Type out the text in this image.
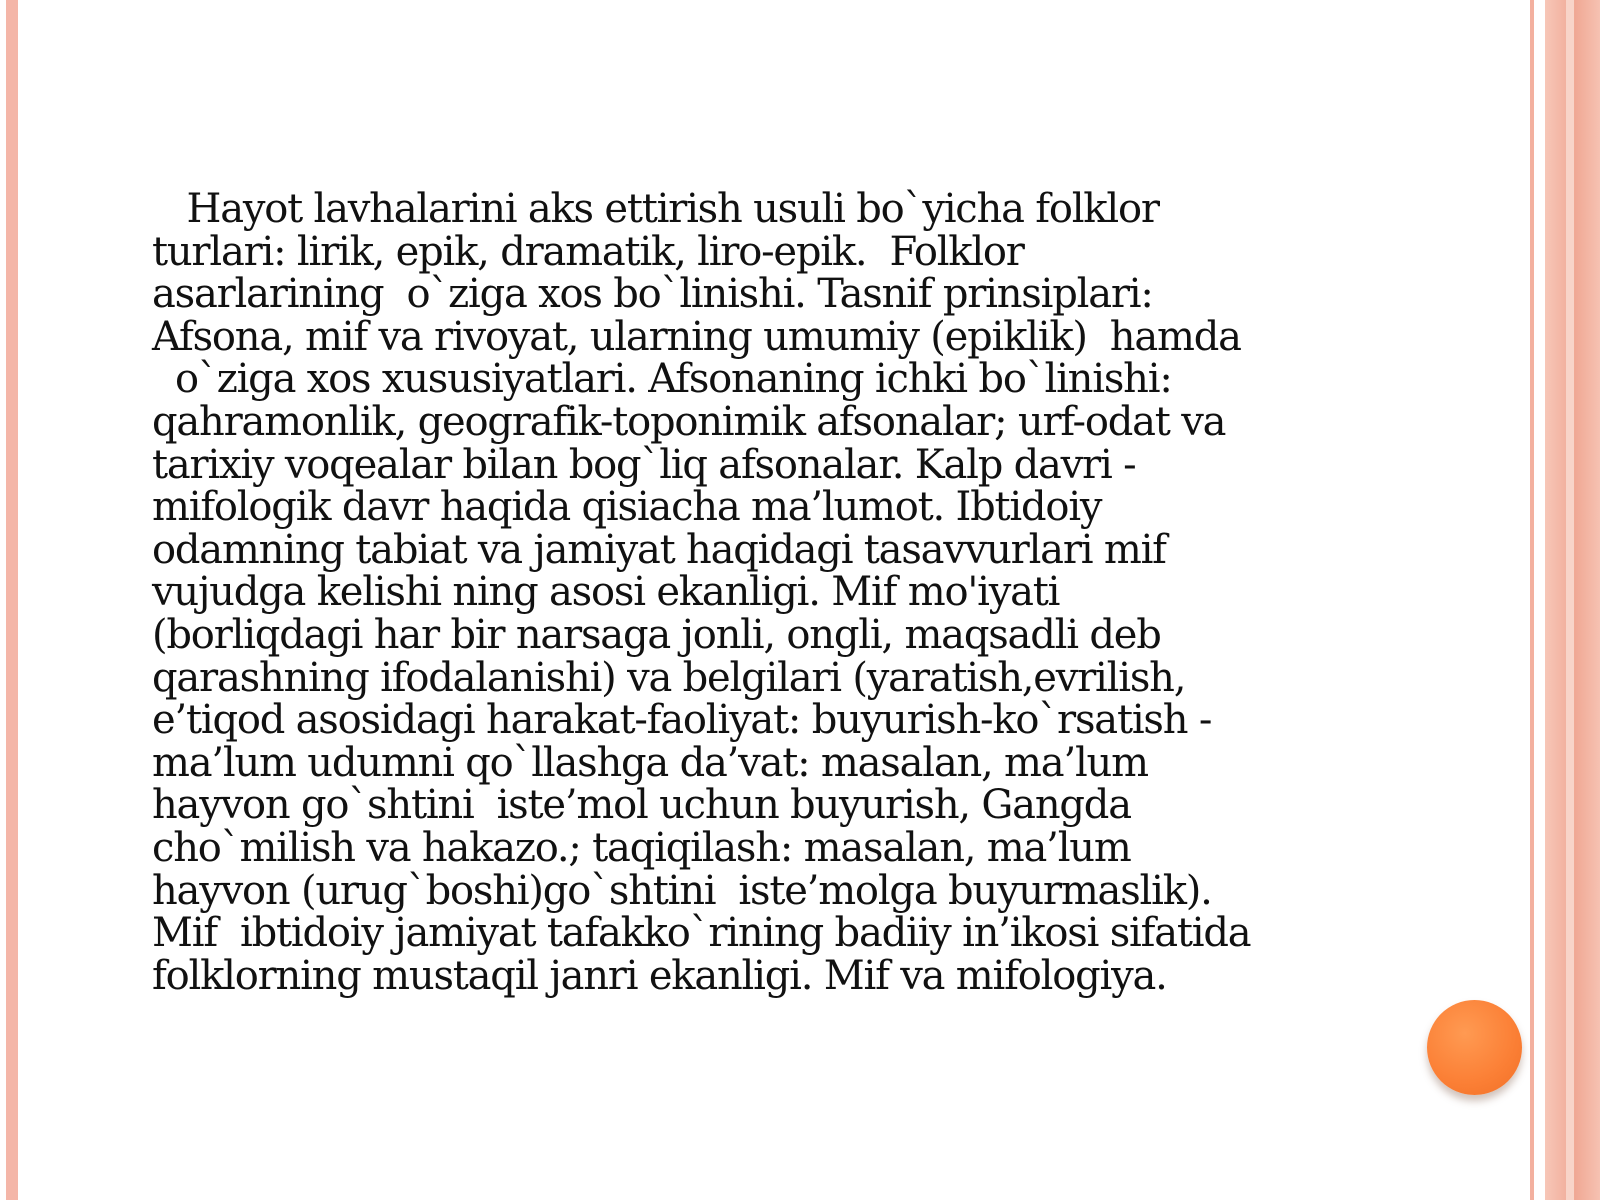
Hayot lavhalarini aks ettirish usuli bo`yicha folklor
turlari: lirik, epik, dramatik, liro-epik.  Folklor
asarlarining  o`ziga xos bo`linishi. Tasnif prinsiplari:
Afsona, mif va rivoyat, ularning umumiy (epiklik)  hamda
o`ziga xos xususiyatlari. Afsonaning ichki bo`linishi:
qahramonlik, geografik-toponimik afsonalar; urf-odat va
tarixiy voqealar bilan bog`liq afsonalar. Kalp davri -
mifologik davr haqida qisiacha ma’lumot. Ibtidoiy
odamning tabiat va jamiyat haqidagi tasavvurlari mif
vujudga kelishi ning asosi ekanligi. Mif mo'iyati
(borliqdagi har bir narsaga jonli, ongli, maqsadli deb
qarashning ifodalanishi) va belgilari (yaratish,evrilish,
e’tiqod asosidagi harakat-faoliyat: buyurish-ko`rsatish -
ma’lum udumni qo`llashga da’vat: masalan, ma’lum
hayvon go`shtini  iste’mol uchun buyurish, Gangda
cho`milish va hakazo.; taqiqilash: masalan, ma’lum
hayvon (urug`boshi)go`shtini  iste’molga buyurmaslik).
Mif  ibtidoiy jamiyat tafakko`rining badiiy in’ikosi sifatida
folklorning mustaqil janri ekanligi. Mif va mifologiya.
